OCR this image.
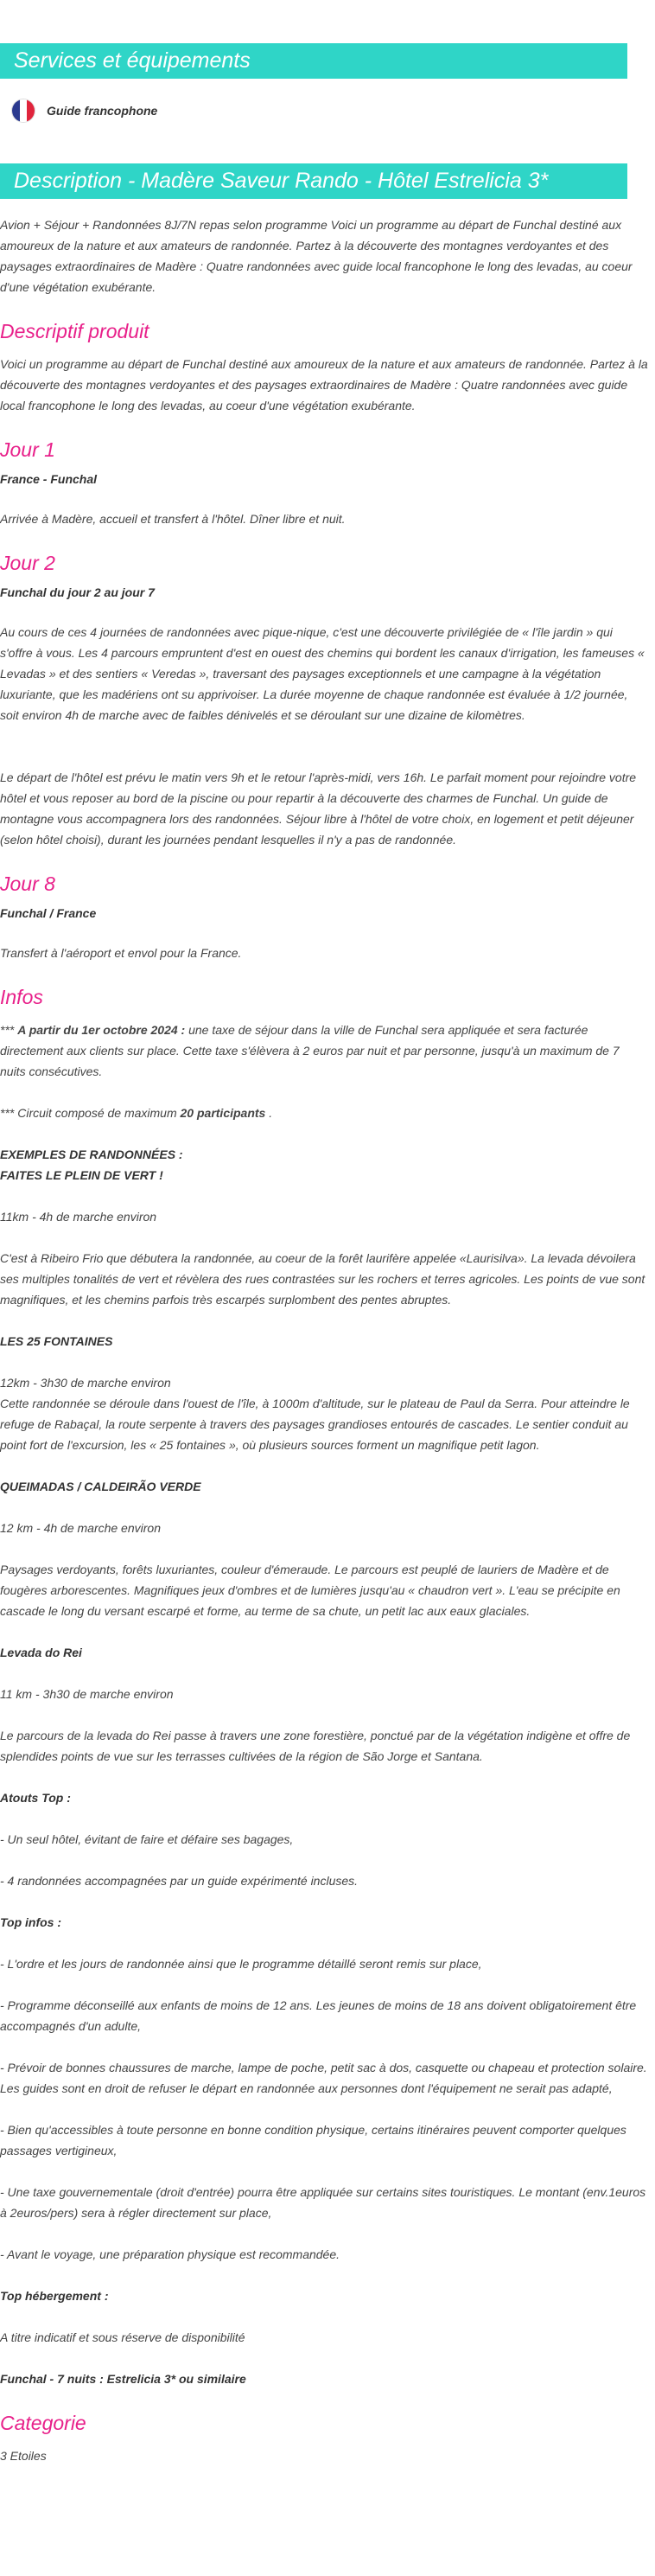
Services et équipements
Guide francophone
Description - Madère Saveur Rando - Hôtel Estrelicia 3*

Avion + Séjour + Randonnées 8J/7N repas selon programme Voici un programme au départ de Funchal destiné aux amoureux de la nature et aux amateurs de randonnée. Partez à la découverte des montagnes verdoyantes et des paysages extraordinaires de Madère : Quatre randonnées avec guide local francophone le long des levadas, au coeur d'une végétation exubérante.

Descriptif produit

Voici un programme au départ de Funchal destiné aux amoureux de la nature et aux amateurs de randonnée. Partez à la découverte des montagnes verdoyantes et des paysages extraordinaires de Madère : Quatre randonnées avec guide local francophone le long des levadas, au coeur d'une végétation exubérante.

Jour 1
France - Funchal

Arrivée à Madère, accueil et transfert à l'hôtel. Dîner libre et nuit.

Jour 2
Funchal du jour 2 au jour 7

Au cours de ces 4 journées de randonnées avec pique-nique, c'est une découverte privilégiée de « l'île jardin » qui s'offre à vous. Les 4 parcours empruntent d'est en ouest des chemins qui bordent les canaux d'irrigation, les fameuses « Levadas » et des sentiers « Veredas », traversant des paysages exceptionnels et une campagne à la végétation luxuriante, que les madériens ont su apprivoiser. La durée moyenne de chaque randonnée est évaluée à 1/2 journée, soit environ 4h de marche avec de faibles dénivelés et se déroulant sur une dizaine de kilomètres.

Le départ de l'hôtel est prévu le matin vers 9h et le retour l'après-midi, vers 16h. Le parfait moment pour rejoindre votre hôtel et vous reposer au bord de la piscine ou pour repartir à la découverte des charmes de Funchal. Un guide de montagne vous accompagnera lors des randonnées. Séjour libre à l'hôtel de votre choix, en logement et petit déjeuner (selon hôtel choisi), durant les journées pendant lesquelles il n'y a pas de randonnée.

Jour 8
Funchal / France

Transfert à l'aéroport et envol pour la France.

Infos

*** A partir du 1er octobre 2024 : une taxe de séjour dans la ville de Funchal sera appliquée et sera facturée directement aux clients sur place. Cette taxe s'élèvera à 2 euros par nuit et par personne, jusqu'à un maximum de 7 nuits consécutives.

*** Circuit composé de maximum 20 participants .

EXEMPLES DE RANDONNÉES :

FAITES LE PLEIN DE VERT !

11km - 4h de marche environ

C'est à Ribeiro Frio que débutera la randonnée, au coeur de la forêt laurifère appelée «Laurisilva». La levada dévoilera ses multiples tonalités de vert et révèlera des rues contrastées sur les rochers et terres agricoles. Les points de vue sont magnifiques, et les chemins parfois très escarpés surplombent des pentes abruptes.

LES 25 FONTAINES

12km - 3h30 de marche environ

Cette randonnée se déroule dans l'ouest de l'île, à 1000m d'altitude, sur le plateau de Paul da Serra. Pour atteindre le refuge de Rabaçal, la route serpente à travers des paysages grandioses entourés de cascades. Le sentier conduit au point fort de l'excursion, les « 25 fontaines », où plusieurs sources forment un magnifique petit lagon.

QUEIMADAS / CALDEIRÃO VERDE

12 km - 4h de marche environ

Paysages verdoyants, forêts luxuriantes, couleur d'émeraude. Le parcours est peuplé de lauriers de Madère et de fougères arborescentes. Magnifiques jeux d'ombres et de lumières jusqu'au « chaudron vert ». L'eau se précipite en cascade le long du versant escarpé et forme, au terme de sa chute, un petit lac aux eaux glaciales.

Levada do Rei

11 km - 3h30 de marche environ

Le parcours de la levada do Rei passe à travers une zone forestière, ponctué par de la végétation indigène et offre de splendides points de vue sur les terrasses cultivées de la région de São Jorge et Santana.

Atouts Top :

- Un seul hôtel, évitant de faire et défaire ses bagages,

- 4 randonnées accompagnées par un guide expérimenté incluses.

Top infos :

- L'ordre et les jours de randonnée ainsi que le programme détaillé seront remis sur place,

- Programme déconseillé aux enfants de moins de 12 ans. Les jeunes de moins de 18 ans doivent obligatoirement être accompagnés d'un adulte,

- Prévoir de bonnes chaussures de marche, lampe de poche, petit sac à dos, casquette ou chapeau et protection solaire. Les guides sont en droit de refuser le départ en randonnée aux personnes dont l'équipement ne serait pas adapté,

- Bien qu'accessibles à toute personne en bonne condition physique, certains itinéraires peuvent comporter quelques passages vertigineux,

- Une taxe gouvernementale (droit d'entrée) pourra être appliquée sur certains sites touristiques. Le montant (env.1euros à 2euros/pers) sera à régler directement sur place,

- Avant le voyage, une préparation physique est recommandée.

Top hébergement :

A titre indicatif et sous réserve de disponibilité

Funchal - 7 nuits : Estrelicia 3* ou similaire

Categorie

3 Etoiles
